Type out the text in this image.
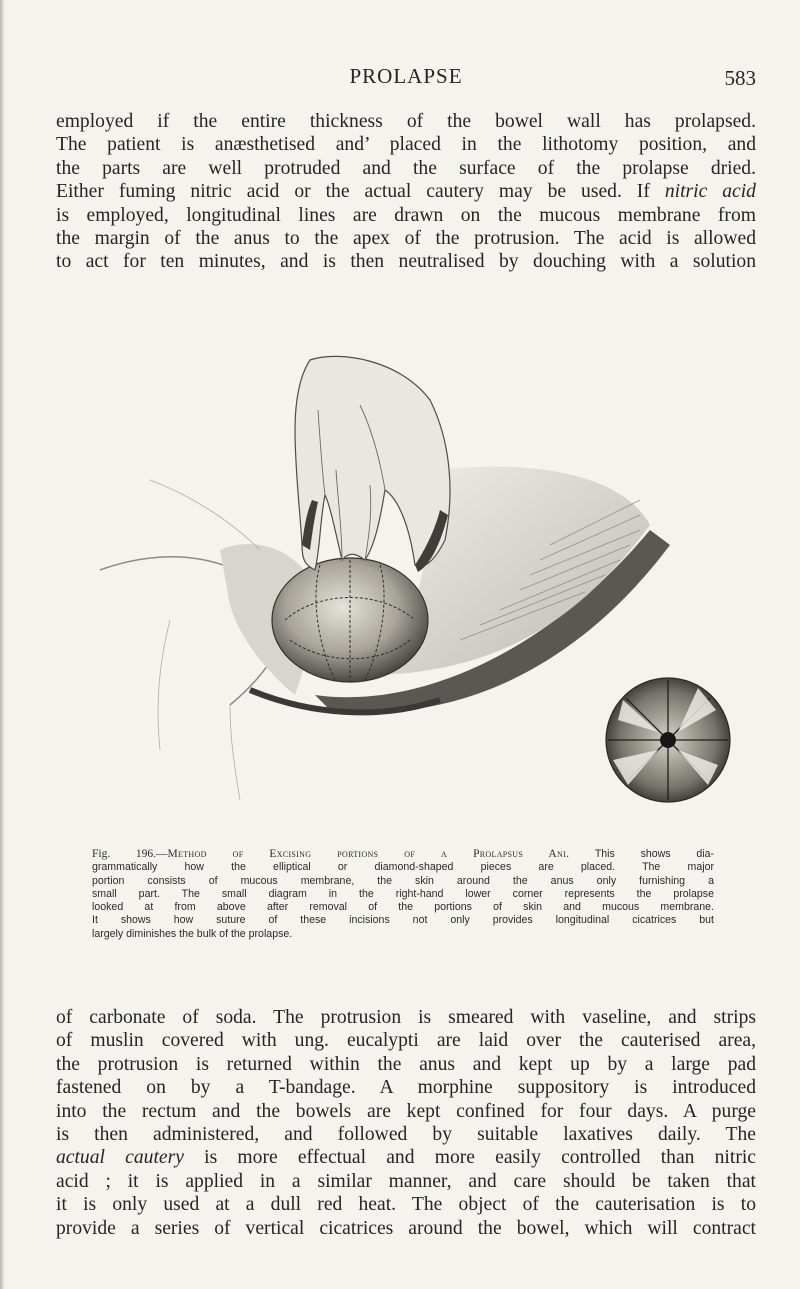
PROLAPSE	583
employed if the entire thickness of the bowel wall has prolapsed.
The patient is anæsthetised and’ placed in the lithotomy position, and
the parts are well protruded and the surface of the prolapse dried.
Either fuming nitric acid or the actual cautery may be used. If nitric acid
is employed, longitudinal lines are drawn on the mucous membrane from
the margin of the anus to the apex of the protrusion. The acid is allowed
to act for ten minutes, and is then neutralised by douching with a solution
Fig. 196.—Method of Excising portions of a Prolapsus Ani. This shows dia-
grammatically how the elliptical or diamond-shaped pieces are placed. The major
portion consists of mucous membrane, the skin around the anus only furnishing a
small part. The small diagram in the right-hand lower corner represents the prolapse
looked at from above after removal of the portions of skin and mucous membrane.
It shows how suture of these incisions not only provides longitudinal cicatrices but
largely diminishes the bulk of the prolapse.
of carbonate of soda. The protrusion is smeared with vaseline, and strips
of muslin covered with ung. eucalypti are laid over the cauterised area,
the protrusion is returned within the anus and kept up by a large pad
fastened on by a T-bandage. A morphine suppository is introduced
into the rectum and the bowels are kept confined for four days. A purge
is then administered, and followed by suitable laxatives daily. The
actual cautery is more effectual and more easily controlled than nitric
acid ; it is applied in a similar manner, and care should be taken that
it is only used at a dull red heat. The object of the cauterisation is to
provide a series of vertical cicatrices around the bowel, which will contract
